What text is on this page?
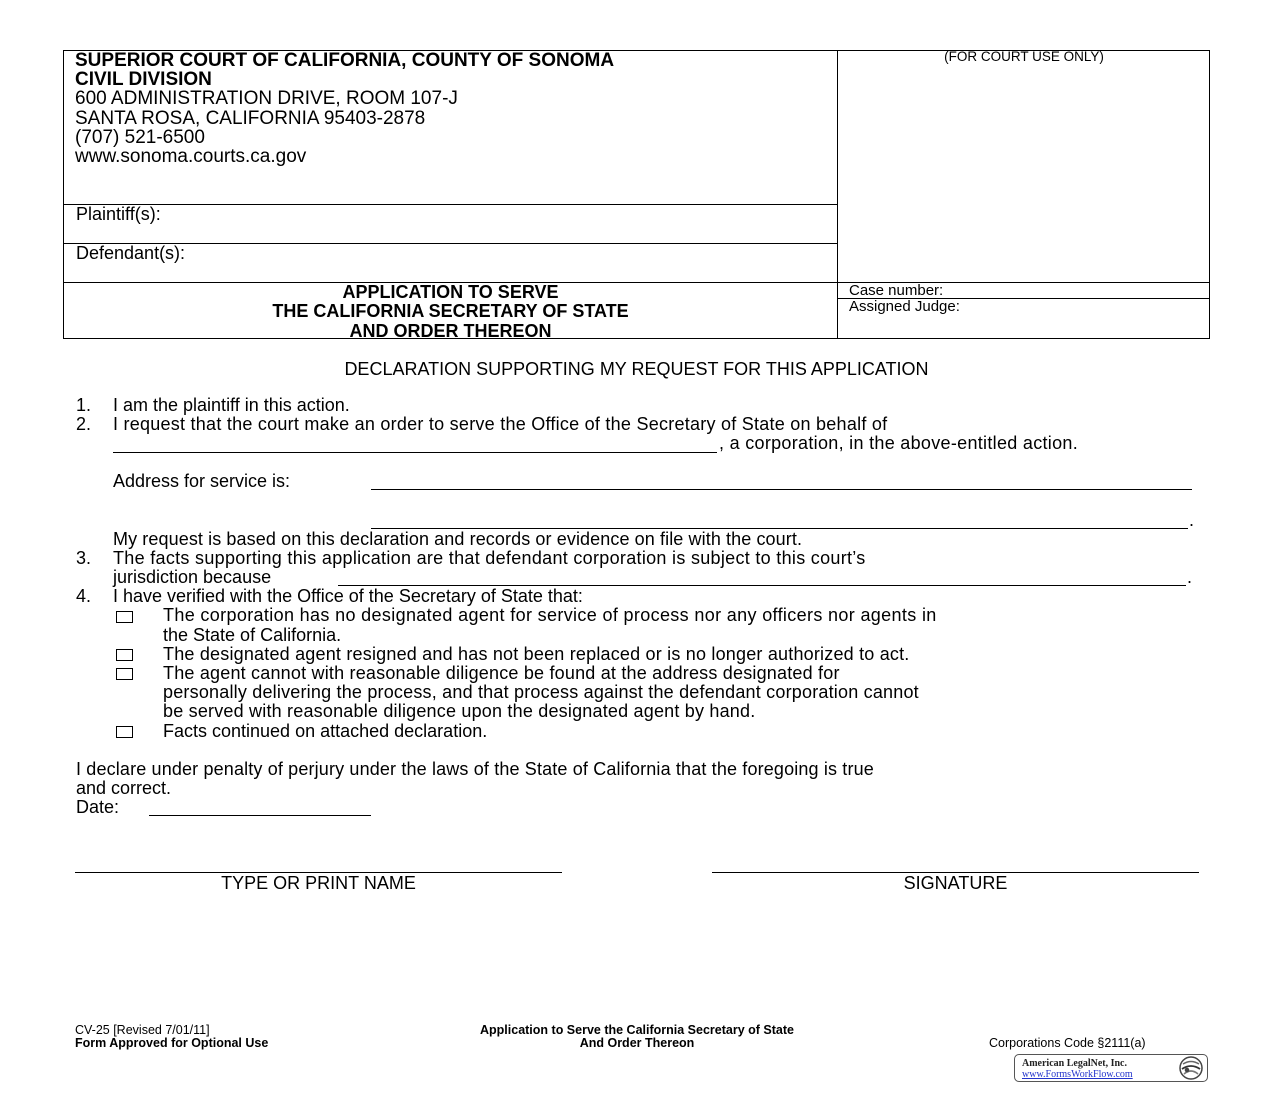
SUPERIOR COURT OF CALIFORNIA, COUNTY OF SONOMA
CIVIL DIVISION
600 ADMINISTRATION DRIVE, ROOM 107-J
SANTA ROSA, CALIFORNIA 95403-2878
(707) 521-6500
www.sonoma.courts.ca.gov
(FOR COURT USE ONLY)
Plaintiff(s):
Defendant(s):
APPLICATION TO SERVE
THE CALIFORNIA SECRETARY OF STATE
AND ORDER THEREON
Case number:
Assigned Judge:
DECLARATION SUPPORTING MY REQUEST FOR THIS APPLICATION
1. I am the plaintiff in this action.
2. I request that the court make an order to serve the Office of the Secretary of State on behalf of
, a corporation, in the above-entitled action.
Address for service is:
.
My request is based on this declaration and records or evidence on file with the court.
3. The facts supporting this application are that defendant corporation is subject to this court’s
jurisdiction because	.
4. I have verified with the Office of the Secretary of State that:
The corporation has no designated agent for service of process nor any officers nor agents in
the State of California.
The designated agent resigned and has not been replaced or is no longer authorized to act.
The agent cannot with reasonable diligence be found at the address designated for
personally delivering the process, and that process against the defendant corporation cannot
be served with reasonable diligence upon the designated agent by hand.
Facts continued on attached declaration.
I declare under penalty of perjury under the laws of the State of California that the foregoing is true
and correct.
Date:
TYPE OR PRINT NAME	SIGNATURE
CV-25 [Revised 7/01/11]
Form Approved for Optional Use
Application to Serve the California Secretary of State
And Order Thereon	Corporations Code §2111(a)
American LegalNet, Inc.
www.FormsWorkFlow.com
